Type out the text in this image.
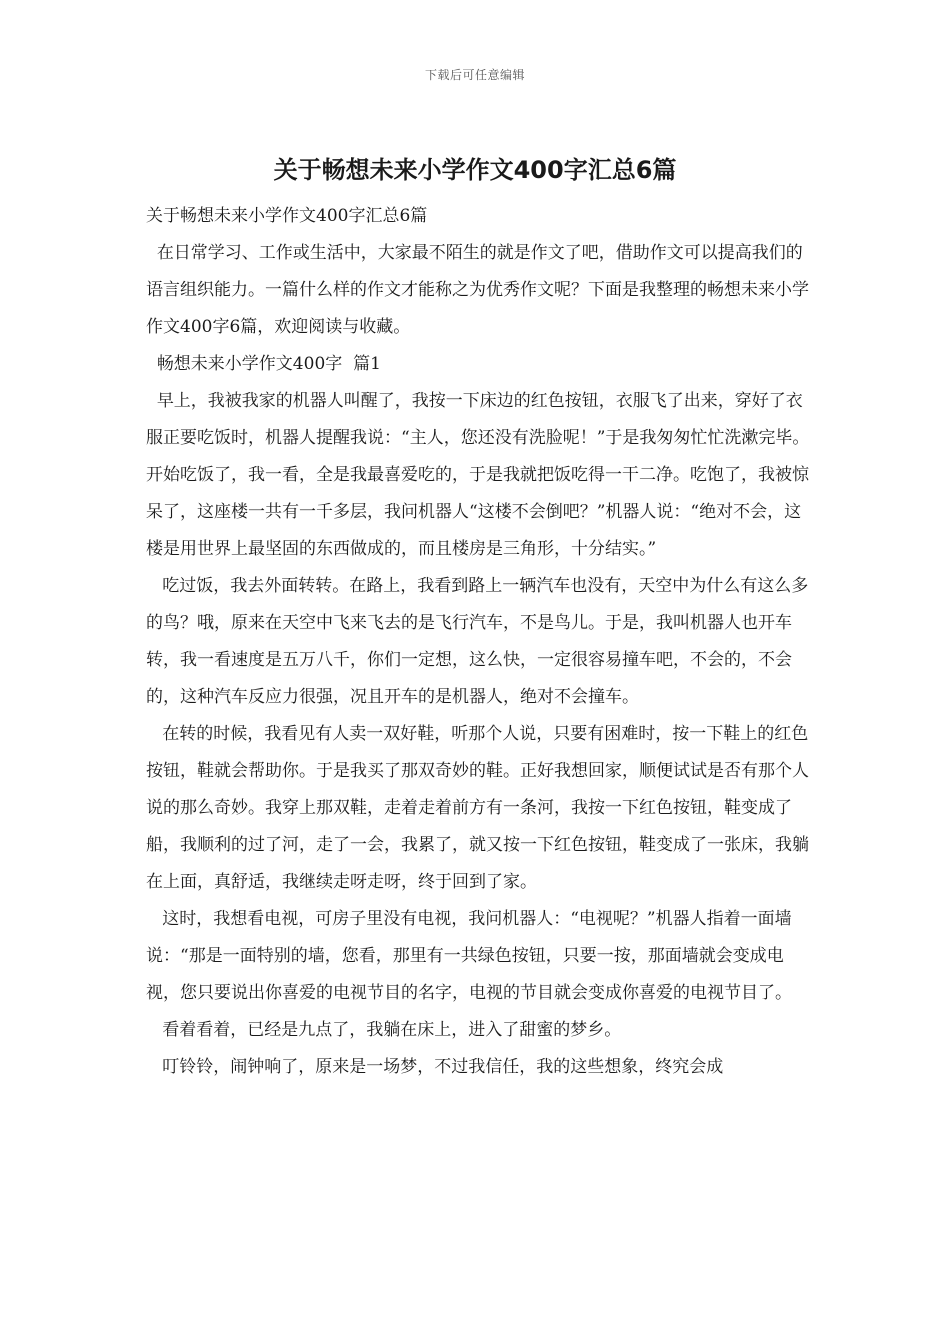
下载后可任意编辑
关于畅想未来小学作文400字汇总6篇

关于畅想未来小学作文400字汇总6篇

在日常学习、工作或生活中，大家最不陌生的就是作文了吧，借助作文可以提高我们的语言组织能力。一篇什么样的作文才能称之为优秀作文呢？下面是我整理的畅想未来小学作文400字6篇，欢迎阅读与收藏。

畅想未来小学作文400字  篇1

早上，我被我家的机器人叫醒了，我按一下床边的红色按钮，衣服飞了出来，穿好了衣服正要吃饭时，机器人提醒我说：“主人，您还没有洗脸呢！”于是我匆匆忙忙洗漱完毕。开始吃饭了，我一看，全是我最喜爱吃的，于是我就把饭吃得一干二净。吃饱了，我被惊呆了，这座楼一共有一千多层，我问机器人“这楼不会倒吧？”机器人说：“绝对不会，这楼是用世界上最坚固的东西做成的，而且楼房是三角形，十分结实。”

吃过饭，我去外面转转。在路上，我看到路上一辆汽车也没有，天空中为什么有这么多的鸟？哦，原来在天空中飞来飞去的是飞行汽车，不是鸟儿。于是，我叫机器人也开车转，我一看速度是五万八千，你们一定想，这么快，一定很容易撞车吧，不会的，不会的，这种汽车反应力很强，况且开车的是机器人，绝对不会撞车。

在转的时候，我看见有人卖一双好鞋，听那个人说，只要有困难时，按一下鞋上的红色按钮，鞋就会帮助你。于是我买了那双奇妙的鞋。正好我想回家，顺便试试是否有那个人说的那么奇妙。我穿上那双鞋，走着走着前方有一条河，我按一下红色按钮，鞋变成了船，我顺利的过了河，走了一会，我累了，就又按一下红色按钮，鞋变成了一张床，我躺在上面，真舒适，我继续走呀走呀，终于回到了家。

这时，我想看电视，可房子里没有电视，我问机器人：“电视呢？”机器人指着一面墙说：“那是一面特别的墙，您看，那里有一共绿色按钮，只要一按，那面墙就会变成电视，您只要说出你喜爱的电视节目的名字，电视的节目就会变成你喜爱的电视节目了。

看着看着，已经是九点了，我躺在床上，进入了甜蜜的梦乡。

叮铃铃，闹钟响了，原来是一场梦，不过我信任，我的这些想象，终究会成
